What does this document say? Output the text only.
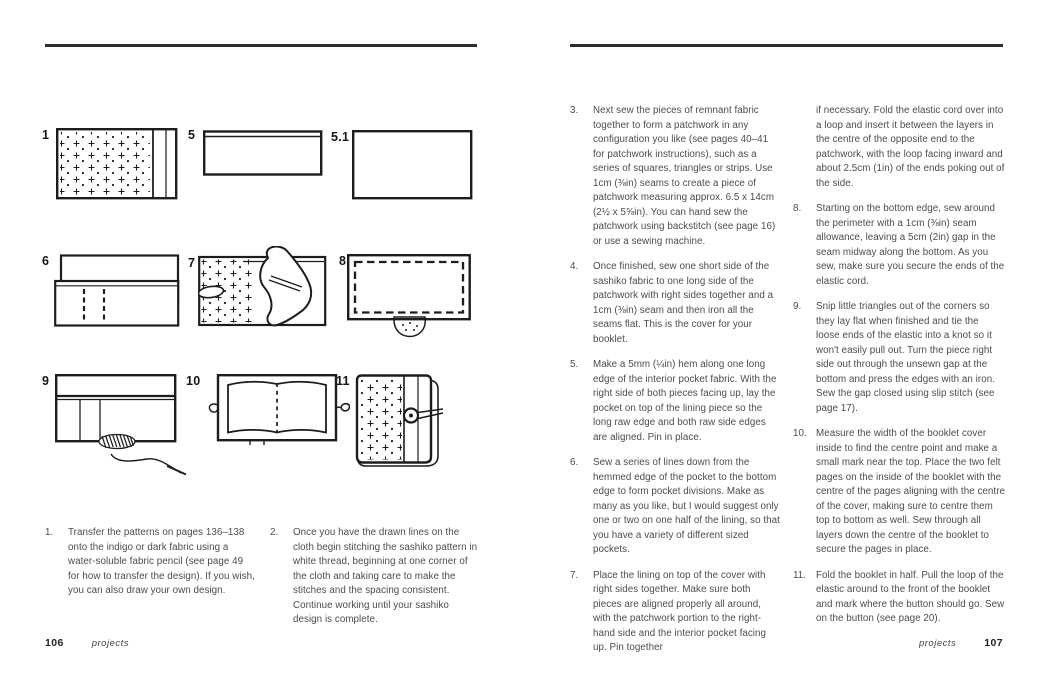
1	5	5.1
6	7	8
9	10	11
1.	Transfer the patterns on pages 136–138 onto the indigo or dark fabric using a water-soluble fabric pencil (see page 49 for how to transfer the design). If you wish, you can also draw your own design.
2.	Once you have the drawn lines on the cloth begin stitching the sashiko pattern in white thread, beginning at one corner of the cloth and taking care to make the stitches and the spacing consistent. Continue working until your sashiko design is complete.
3.	Next sew the pieces of remnant fabric together to form a patchwork in any configuration you like (see pages 40–41 for patchwork instructions), such as a series of squares, triangles or strips. Use 1cm (⅜in) seams to create a piece of patchwork measuring approx. 6.5 x 14cm (2½ x 5⅝in). You can hand sew the patchwork using backstitch (see page 16) or use a sewing machine.
4.	Once finished, sew one short side of the sashiko fabric to one long side of the patchwork with right sides together and a 1cm (⅜in) seam and then iron all the seams flat. This is the cover for your booklet.
5.	Make a 5mm (¼in) hem along one long edge of the interior pocket fabric. With the right side of both pieces facing up, lay the pocket on top of the lining piece so the long raw edge and both raw side edges are aligned. Pin in place.
6.	Sew a series of lines down from the hemmed edge of the pocket to the bottom edge to form pocket divisions. Make as many as you like, but I would suggest only one or two on one half of the lining, so that you have a variety of different sized pockets.
7.	Place the lining on top of the cover with right sides together. Make sure both pieces are aligned properly all around, with the patchwork portion to the right-hand side and the interior pocket facing up. Pin together
if necessary. Fold the elastic cord over into a loop and insert it between the layers in the centre of the opposite end to the patchwork, with the loop facing inward and about 2.5cm (1in) of the ends poking out of the side.
8.	Starting on the bottom edge, sew around the perimeter with a 1cm (⅜in) seam allowance, leaving a 5cm (2in) gap in the seam midway along the bottom. As you sew, make sure you secure the ends of the elastic cord.
9.	Snip little triangles out of the corners so they lay flat when finished and tie the loose ends of the elastic into a knot so it won't easily pull out. Turn the piece right side out through the unsewn gap at the bottom and press the edges with an iron. Sew the gap closed using slip stitch (see page 17).
10. Measure the width of the booklet cover inside to find the centre point and make a small mark near the top. Place the two felt pages on the inside of the booklet with the centre of the pages aligning with the centre of the cover, making sure to centre them top to bottom as well. Sew through all layers down the centre of the booklet to secure the pages in place.
11.	Fold the booklet in half. Pull the loop of the elastic around to the front of the booklet and mark where the button should go. Sew on the button (see page 20).
106	projects	projects	107
